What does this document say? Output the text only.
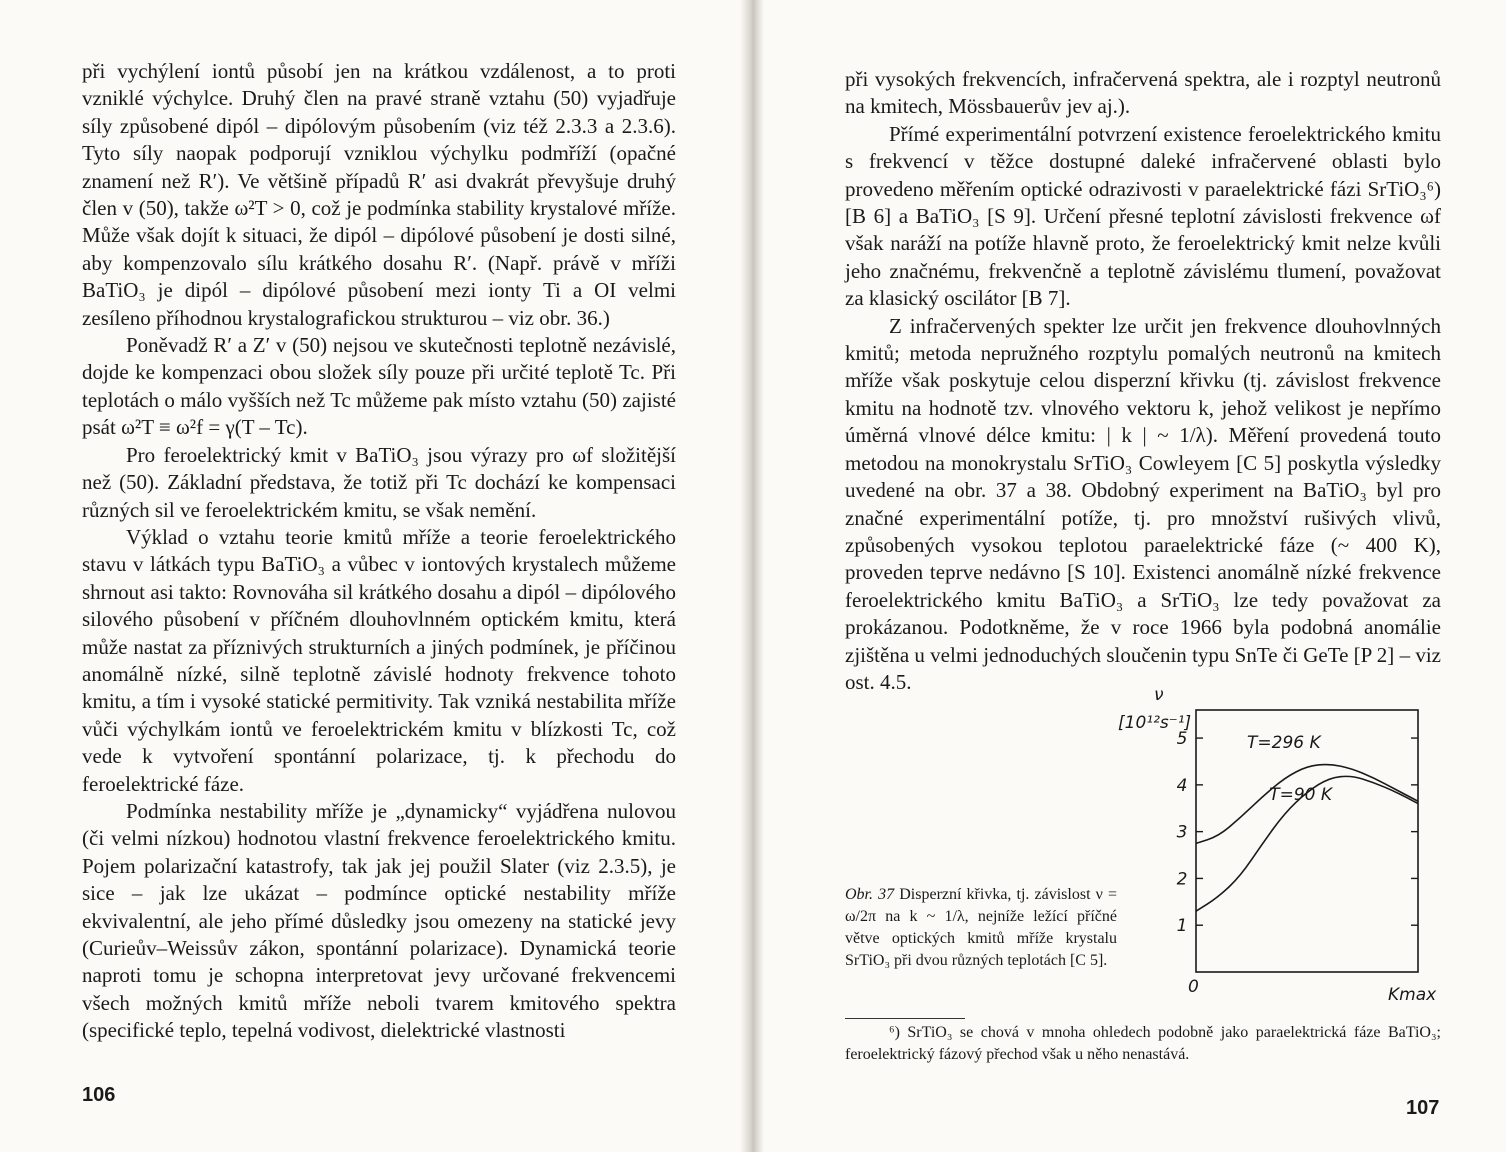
při vychýlení iontů působí jen na krátkou vzdálenost, a to proti vzniklé výchylce. Druhý člen na pravé straně vztahu (50) vyjadřuje síly způsobené dipól – dipólovým působením (viz též 2.3.3 a 2.3.6). Tyto síly naopak podporují vzniklou výchylku podmříží (opačné znamení než R′). Ve většině případů R′ asi dvakrát převyšuje druhý člen v (50), takže ω²T > 0, což je podmínka stability krystalové mříže. Může však dojít k situaci, že dipól – dipólové působení je dosti silné, aby kompenzovalo sílu krátkého dosahu R′. (Např. právě v mříži BaTiO₃ je dipól – dipólové působení mezi ionty Ti a OI velmi zesíleno příhodnou krystalografickou strukturou – viz obr. 36.)

Poněvadž R′ a Z′ v (50) nejsou ve skutečnosti teplotně nezávislé, dojde ke kompenzaci obou složek síly pouze při určité teplotě Tc. Při teplotách o málo vyšších než Tc můžeme pak místo vztahu (50) zajisté psát ω²T ≡ ω²f = γ(T – Tc).

Pro feroelektrický kmit v BaTiO₃ jsou výrazy pro ωf složitější než (50). Základní představa, že totiž při Tc dochází ke kompensaci různých sil ve feroelektrickém kmitu, se však nemění.

Výklad o vztahu teorie kmitů mříže a teorie feroelektrického stavu v látkách typu BaTiO₃ a vůbec v iontových krystalech můžeme shrnout asi takto: Rovnováha sil krátkého dosahu a dipól – dipólového silového působení v příčném dlouhovlnném optickém kmitu, která může nastat za příznivých strukturních a jiných podmínek, je příčinou anomálně nízké, silně teplotně závislé hodnoty frekvence tohoto kmitu, a tím i vysoké statické permitivity. Tak vzniká nestabilita mříže vůči výchylkám iontů ve feroelektrickém kmitu v blízkosti Tc, což vede k vytvoření spontánní polarizace, tj. k přechodu do feroelektrické fáze.

Podmínka nestability mříže je „dynamicky“ vyjádřena nulovou (či velmi nízkou) hodnotou vlastní frekvence feroelektrického kmitu. Pojem polarizační katastrofy, tak jak jej použil Slater (viz 2.3.5), je sice – jak lze ukázat – podmínce optické nestability mříže ekvivalentní, ale jeho přímé důsledky jsou omezeny na statické jevy (Curieův–Weissův zákon, spontánní polarizace). Dynamická teorie naproti tomu je schopna interpretovat jevy určované frekvencemi všech možných kmitů mříže neboli tvarem kmitového spektra (specifické teplo, tepelná vodivost, dielektrické vlastnosti

106

při vysokých frekvencích, infračervená spektra, ale i rozptyl neutronů na kmitech, Mössbauerův jev aj.).

Přímé experimentální potvrzení existence feroelektrického kmitu s frekvencí v těžce dostupné daleké infračervené oblasti bylo provedeno měřením optické odrazivosti v paraelektrické fázi SrTiO₃⁶) [B 6] a BaTiO₃ [S 9]. Určení přesné teplotní závislosti frekvence ωf však naráží na potíže hlavně proto, že feroelektrický kmit nelze kvůli jeho značnému, frekvenčně a teplotně závislému tlumení, považovat za klasický oscilátor [B 7].

Z infračervených spekter lze určit jen frekvence dlouhovlnných kmitů; metoda nepružného rozptylu pomalých neutronů na kmitech mříže však poskytuje celou disperzní křivku (tj. závislost frekvence kmitu na hodnotě tzv. vlnového vektoru k, jehož velikost je nepřímo úměrná vlnové délce kmitu: | k | ~ 1/λ). Měření provedená touto metodou na monokrystalu SrTiO₃ Cowleyem [C 5] poskytla výsledky uvedené na obr. 37 a 38. Obdobný experiment na BaTiO₃ byl pro značné experimentální potíže, tj. pro množství rušivých vlivů, způsobených vysokou teplotou paraelektrické fáze (~ 400 K), proveden teprve nedávno [S 10]. Existenci anomálně nízké frekvence feroelektrického kmitu BaTiO₃ a SrTiO₃ lze tedy považovat za prokázanou. Podotkněme, že v roce 1966 byla podobná anomálie zjištěna u velmi jednoduchých sloučenin typu SnTe či GeTe [P 2] – viz ost. 4.5.

Obr. 37 Disperzní křivka, tj. závislost ν = ω/2π na k ~ 1/λ, nejníže ležící příčné větve optických kmitů mříže krystalu SrTiO₃ při dvou různých teplotách [C 5].
ν
[10¹²s⁻¹]
0	Kmax
1
2
3
4
5	T=296 K
T=90 K
⁶) SrTiO₃ se chová v mnoha ohledech podobně jako paraelektrická fáze BaTiO₃; feroelektrický fázový přechod však u něho nenastává.
107
